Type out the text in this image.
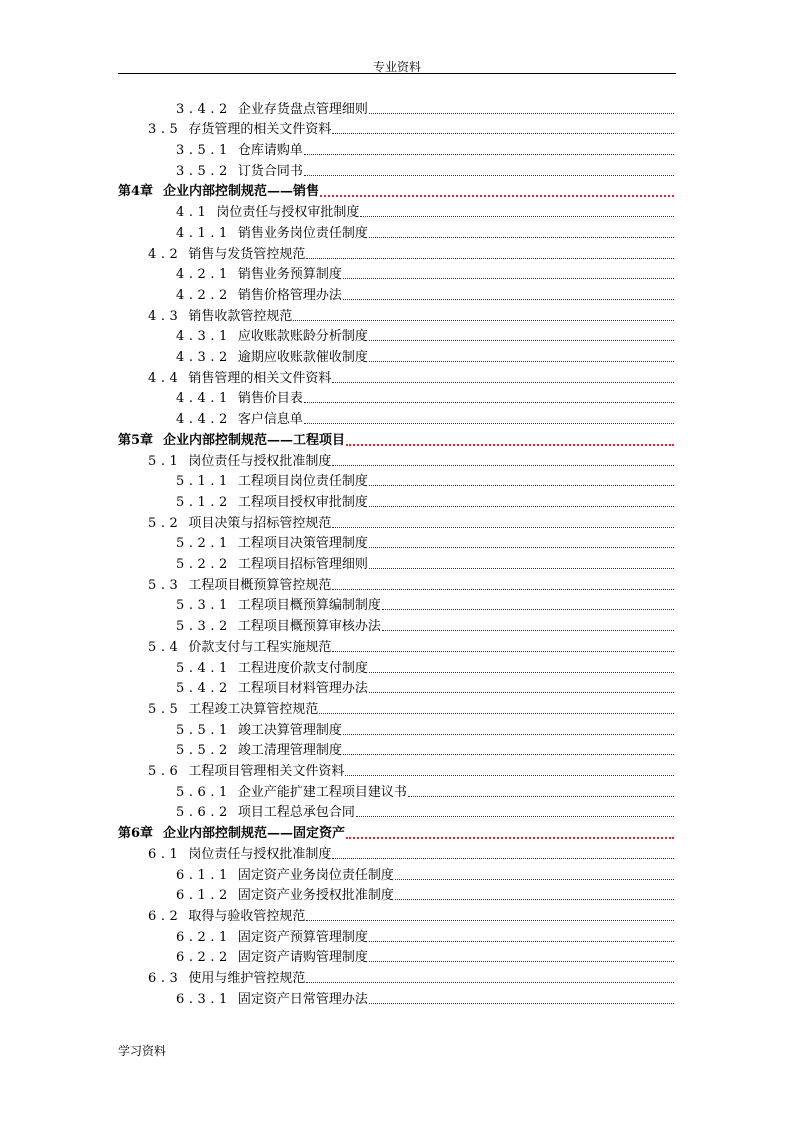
专业资料
3.4.2 企业存货盘点管理细则
3.5 存货管理的相关文件资料
3.5.1 仓库请购单
3.5.2 订货合同书
第4章 企业内部控制规范——销售
4.1 岗位责任与授权审批制度
4.1.1 销售业务岗位责任制度
4.2 销售与发货管控规范
4.2.1 销售业务预算制度
4.2.2 销售价格管理办法
4.3 销售收款管控规范
4.3.1 应收账款账龄分析制度
4.3.2 逾期应收账款催收制度
4.4 销售管理的相关文件资料
4.4.1 销售价目表
4.4.2 客户信息单
第5章 企业内部控制规范——工程项目
5.1 岗位责任与授权批准制度
5.1.1 工程项目岗位责任制度
5.1.2 工程项目授权审批制度
5.2 项目决策与招标管控规范
5.2.1 工程项目决策管理制度
5.2.2 工程项目招标管理细则
5.3 工程项目概预算管控规范
5.3.1 工程项目概预算编制制度
5.3.2 工程项目概预算审核办法
5.4 价款支付与工程实施规范
5.4.1 工程进度价款支付制度
5.4.2 工程项目材料管理办法
5.5 工程竣工决算管控规范
5.5.1 竣工决算管理制度
5.5.2 竣工清理管理制度
5.6 工程项目管理相关文件资料
5.6.1 企业产能扩建工程项目建议书
5.6.2 项目工程总承包合同
第6章 企业内部控制规范——固定资产
6.1 岗位责任与授权批准制度
6.1.1 固定资产业务岗位责任制度
6.1.2 固定资产业务授权批准制度
6.2 取得与验收管控规范
6.2.1 固定资产预算管理制度
6.2.2 固定资产请购管理制度
6.3 使用与维护管控规范
6.3.1 固定资产日常管理办法
学习资料
